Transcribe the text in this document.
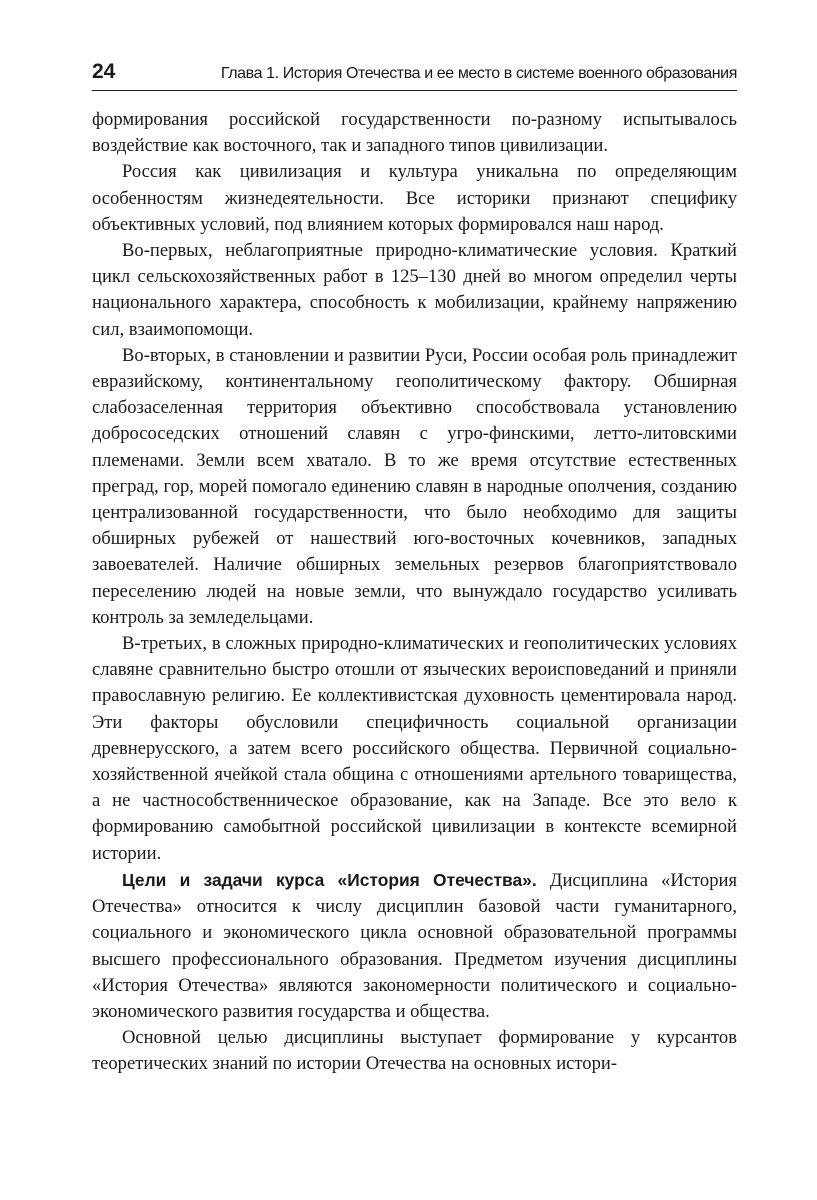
24	Глава 1. История Отечества и ее место в системе военного образования

формирования российской государственности по-разному испытывалось воздействие как восточного, так и западного типов цивилизации.

Россия как цивилизация и культура уникальна по определяющим особенностям жизнедеятельности. Все историки признают специфику объективных условий, под влиянием которых формировался наш народ.

Во-первых, неблагоприятные природно-климатические условия. Краткий цикл сельскохозяйственных работ в 125–130 дней во многом определил черты национального характера, способность к мобилизации, крайнему напряжению сил, взаимопомощи.

Во-вторых, в становлении и развитии Руси, России особая роль принадлежит евразийскому, континентальному геополитическому фактору. Обширная слабозаселенная территория объективно способствовала установлению добрососедских отношений славян с угро-финскими, летто-литовскими племенами. Земли всем хватало. В то же время отсутствие естественных преград, гор, морей помогало единению славян в народные ополчения, созданию централизованной государственности, что было необходимо для защиты обширных рубежей от нашествий юго-восточных кочевников, западных завоевателей. Наличие обширных земельных резервов благоприятствовало переселению людей на новые земли, что вынуждало государство усиливать контроль за земледельцами.

В-третьих, в сложных природно-климатических и геополитических условиях славяне сравнительно быстро отошли от языческих вероисповеданий и приняли православную религию. Ее коллективистская духовность цементировала народ. Эти факторы обусловили специфичность социальной организации древнерусского, а затем всего российского общества. Первичной социально-хозяйственной ячейкой стала община с отношениями артельного товарищества, а не частнособственническое образование, как на Западе. Все это вело к формированию самобытной российской цивилизации в контексте всемирной истории.

Цели и задачи курса «История Отечества». Дисциплина «История Отечества» относится к числу дисциплин базовой части гуманитарного, социального и экономического цикла основной образовательной программы высшего профессионального образования. Предметом изучения дисциплины «История Отечества» являются закономерности политического и социально-экономического развития государства и общества.

Основной целью дисциплины выступает формирование у курсантов теоретических знаний по истории Отечества на основных истори-
